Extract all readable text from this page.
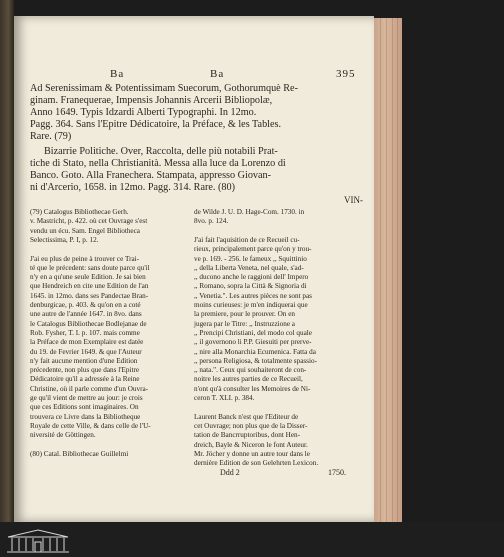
Ba	Ba	395
Ad Serenissimam & Potentissimam Suecorum, Gothorumquè Re-
ginam. Franequerae, Impensis Johannis Arcerii Bibliopolæ,
Anno 1649. Typis Idzardi Alberti Typographi. In 12mo.
Pagg. 364. Sans l'Epitre Dédicatoire, la Préface, & les Tables.
Rare. (79)
Bizarrie Politiche. Over, Raccolta, delle più notabili Prat-
tiche di Stato, nella Christianità. Messa alla luce da Lorenzo di
Banco. Goto. Alla Franechera. Stampata, appresso Giovan-
ni d'Arcerio, 1658. in 12mo. Pagg. 314. Rare. (80)
VIN-
(79) Catalogus Bibliothecae Gerh.
v. Mastricht, p. 422. où cet Ouvrage s'est
vendu un écu. Sam. Engel Bibliotheca
Selectissima, P. I, p. 12.
J'ai eu plus de peine à trouver ce Trai-
té que le précedent: sans doute parce qu'il
n'y en a qu'une seule Edition. Je sai bien
que Hendreich en cite une Edition de l'an
1645. in 12mo. dans ses Pandectae Bran-
denburgicae, p. 403. & qu'on en a coté
une autre de l'année 1647. in 8vo. dans
le Catalogus Bibliothecae Bodlejanae de
Rob. Fysher, T. I. p. 107. mais comme
la Préface de mon Exemplaire est datée
du 19. de Fevrier 1649. & que l'Auteur
n'y fait aucune mention d'une Edition
précedente, non plus que dans l'Epitre
Dédicatoire qu'il a adressée à la Reine
Christine, où il parle comme d'un Ouvra-
ge qu'il vient de mettre au jour: je crois
que ces Editions sont imaginaires. On
trouvera ce Livre dans la Bibliotheque
Royale de cette Ville, & dans celle de l'U-
niversité de Göttingen.
(80) Catal. Bibliothecae Guillelmi
de Wilde J. U. D. Hage-Com. 1730. in
8vo. p. 124.
J'ai fait l'aquisition de ce Recueil cu-
rieux, principalement parce qu'on y trou-
ve p. 169. - 256. le fameux ,, Squittinio
,, della Liberta Veneta, nel quale, s'ad-
,, ducono anche le raggioni dell' Impero
,, Romano, sopra la Città & Signoria di
,, Venetia.". Les autres pièces ne sont pas
moins curieuses: je m'en indiquerai que
la premiere, pour le prouver. On en
jugera par le Titre: ,, Instruzzione a
,, Prencipi Christiani, del modo col quale
,, il governono li P.P. Giesuiti per prerve-
,, nire alla Monarchia Ecumenica. Fatta da
,, persona Religiosa, & totalmente spassio-
,, nata.". Ceux qui souhaiteront de con-
noitre les autres parties de ce Recueil,
n'ont qu'à consulter les Memoires de Ni-
ceron T. XLI. p. 384.
Laurent Banck n'est que l'Editeur de
cet Ouvrage; non plus que de la Disser-
tation de Bancrruptoribus, dont Hen-
dreich, Bayle & Niceron le font Auteur.
Mr. Jöcher y donne un autre tour dans le
dernière Edition de son Gelehrten Lexicon.
Ddd 2	1750.
